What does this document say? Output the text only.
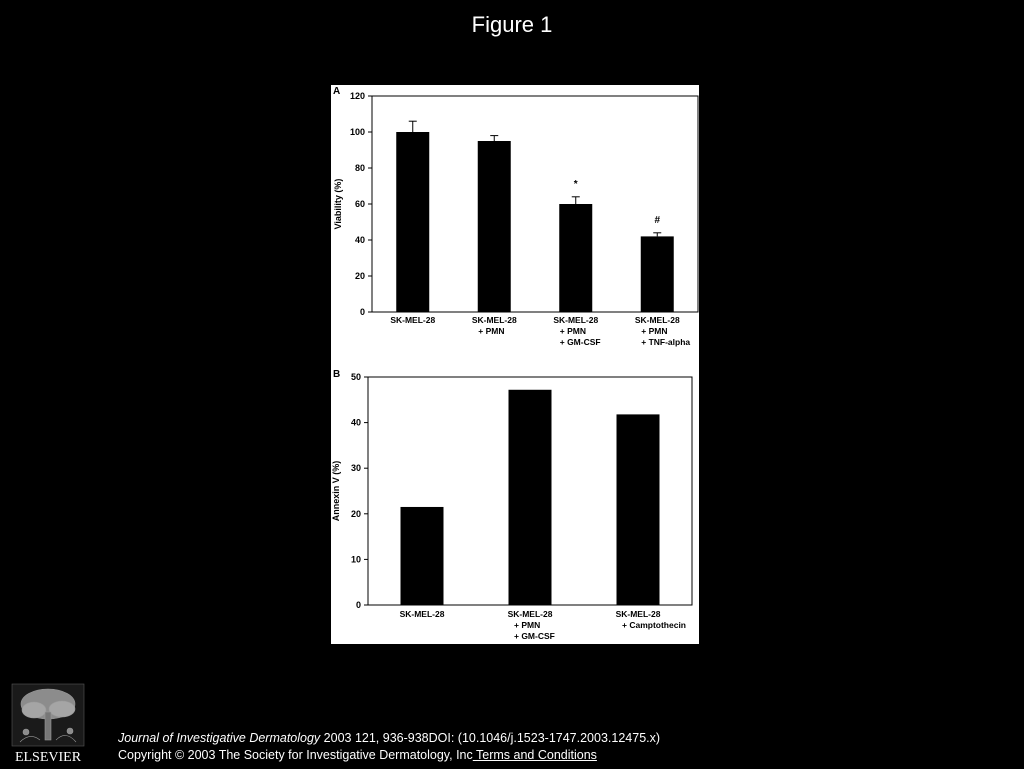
Figure 1
A
0
20
40
60
80
100
120
Viability (%)
SK-MEL-28	SK-MEL-28
+ PMN
*
SK-MEL-28
+ PMN
+ GM-CSF
#
SK-MEL-28
+ PMN
+ TNF-alpha
B
0
10
20
30
40
50
Annexin V (%)
SK-MEL-28	SK-MEL-28
+ PMN
+ GM-CSF
SK-MEL-28
+ Camptothecin
ELSEVIER
Journal of Investigative Dermatology 2003 121, 936-938DOI: (10.1046/j.1523-1747.2003.12475.x)
Copyright © 2003 The Society for Investigative Dermatology, Inc Terms and Conditions
